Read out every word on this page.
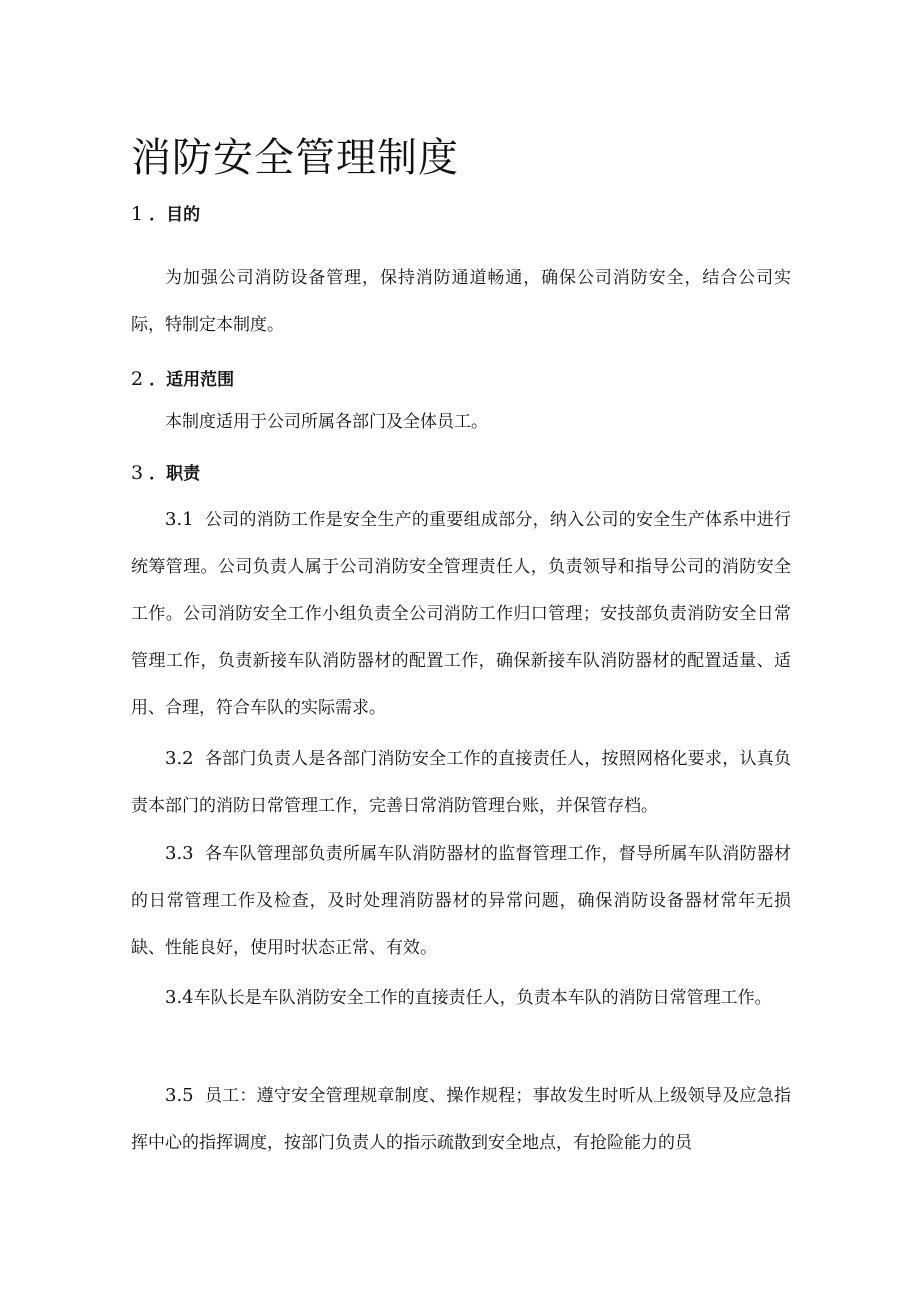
消防安全管理制度
1 ．目的

为加强公司消防设备管理，保持消防通道畅通，确保公司消防安全，结合公司实际，特制定本制度。

2 ．适用范围

本制度适用于公司所属各部门及全体员工。

3 ．职责

3.1 公司的消防工作是安全生产的重要组成部分，纳入公司的安全生产体系中进行统筹管理。公司负责人属于公司消防安全管理责任人，负责领导和指导公司的消防安全工作。公司消防安全工作小组负责全公司消防工作归口管理；安技部负责消防安全日常管理工作，负责新接车队消防器材的配置工作，确保新接车队消防器材的配置适量、适用、合理，符合车队的实际需求。

3.2 各部门负责人是各部门消防安全工作的直接责任人，按照网格化要求，认真负责本部门的消防日常管理工作，完善日常消防管理台账，并保管存档。

3.3 各车队管理部负责所属车队消防器材的监督管理工作，督导所属车队消防器材的日常管理工作及检查，及时处理消防器材的异常问题，确保消防设备器材常年无损缺、性能良好，使用时状态正常、有效。

3.4车队长是车队消防安全工作的直接责任人，负责本车队的消防日常管理工作。

3.5 员工：遵守安全管理规章制度、操作规程；事故发生时听从上级领导及应急指挥中心的指挥调度，按部门负责人的指示疏散到安全地点，有抢险能力的员
